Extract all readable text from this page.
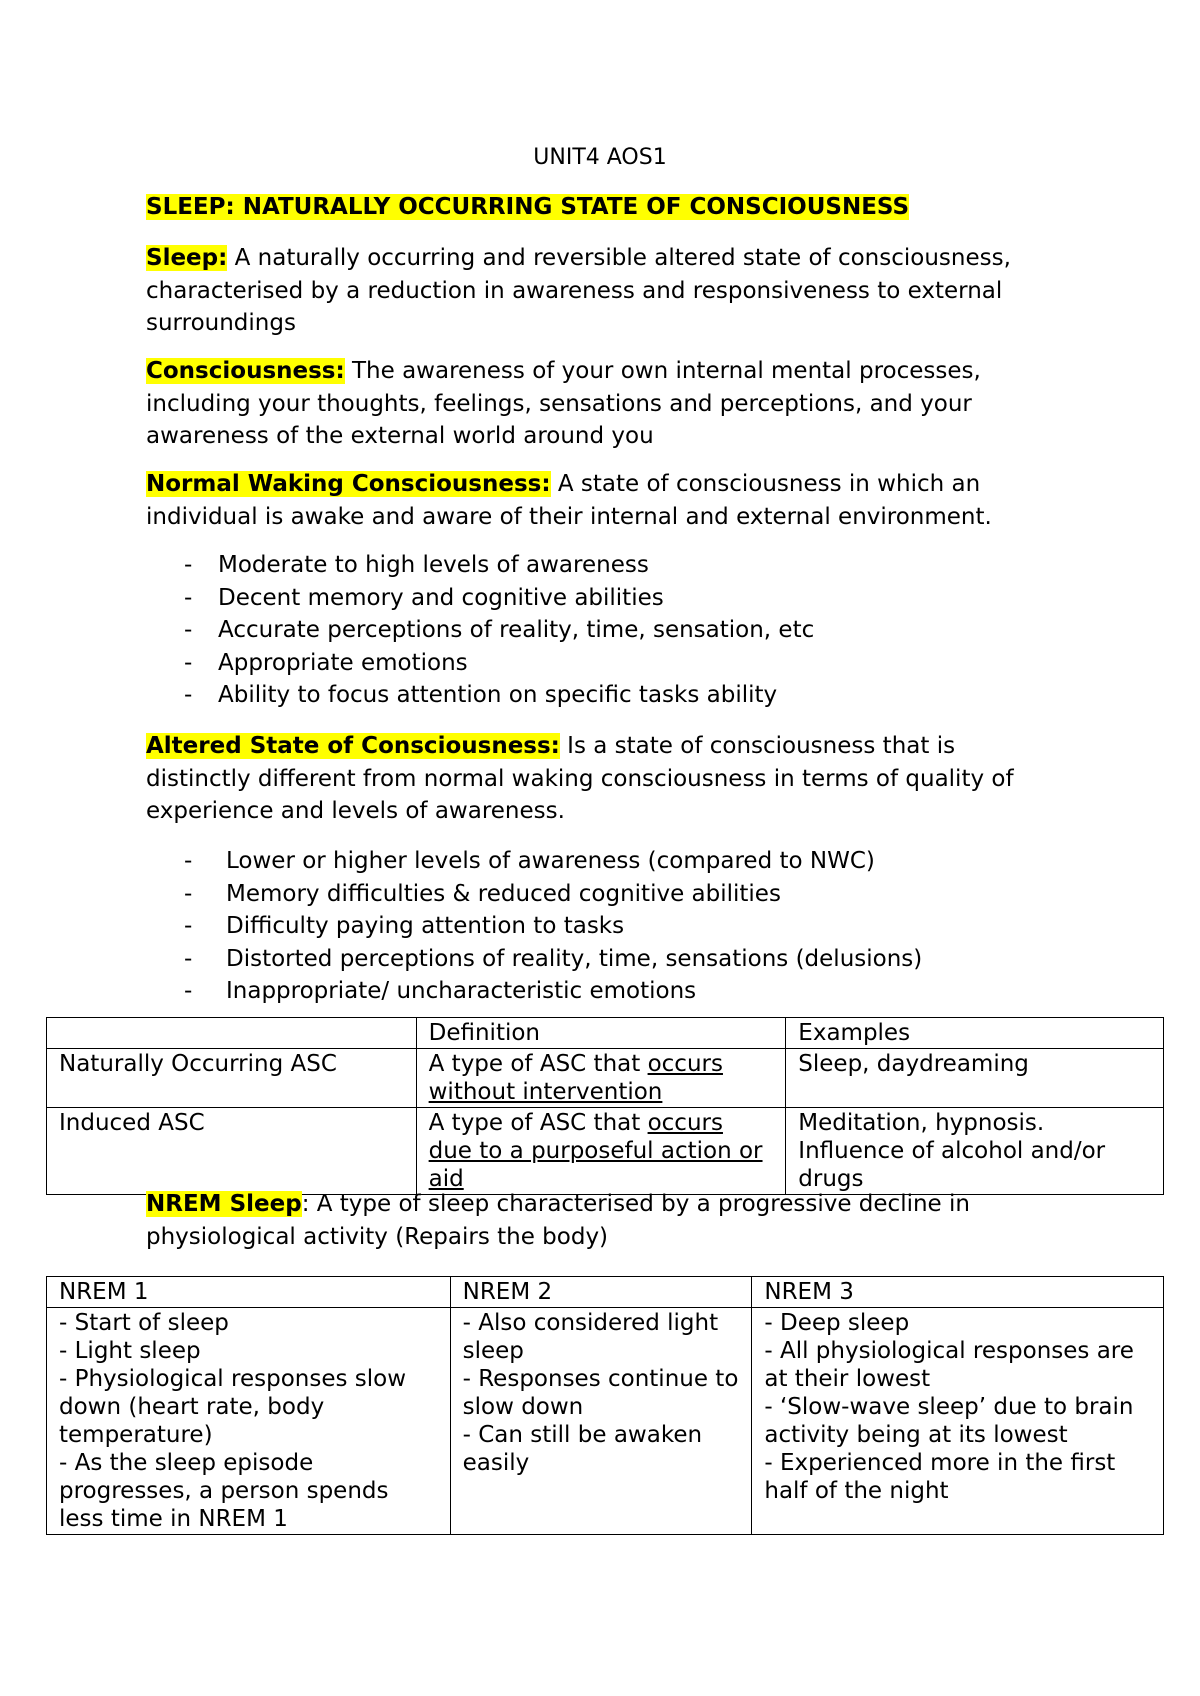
UNIT4 AOS1
SLEEP: NATURALLY OCCURRING STATE OF CONSCIOUSNESS
Sleep: A naturally occurring and reversible altered state of consciousness, characterised by a reduction in awareness and responsiveness to external surroundings
Consciousness: The awareness of your own internal mental processes, including your thoughts, feelings, sensations and perceptions, and your awareness of the external world around you
Normal Waking Consciousness: A state of consciousness in which an individual is awake and aware of their internal and external environment.
- Moderate to high levels of awareness
- Decent memory and cognitive abilities
- Accurate perceptions of reality, time, sensation, etc
- Appropriate emotions
- Ability to focus attention on specific tasks ability
Altered State of Consciousness: Is a state of consciousness that is distinctly different from normal waking consciousness in terms of quality of experience and levels of awareness.
- Lower or higher levels of awareness (compared to NWC)
- Memory difficulties & reduced cognitive abilities
- Difficulty paying attention to tasks
- Distorted perceptions of reality, time, sensations (delusions)
- Inappropriate/ uncharacteristic emotions
	Definition	Examples
Naturally Occurring ASC	A type of ASC that occurs without intervention	Sleep, daydreaming
Induced ASC	A type of ASC that occurs due to a purposeful action or aid	Meditation, hypnosis. Influence of alcohol and/or drugs
NREM Sleep: A type of sleep characterised by a progressive decline in physiological activity (Repairs the body)
NREM 1	NREM 2	NREM 3
- Start of sleep
- Light sleep
- Physiological responses slow down (heart rate, body temperature)
- As the sleep episode progresses, a person spends less time in NREM 1	- Also considered light sleep
- Responses continue to slow down
- Can still be awaken easily	- Deep sleep
- All physiological responses are at their lowest
- ‘Slow-wave sleep’ due to brain activity being at its lowest
- Experienced more in the first half of the night
